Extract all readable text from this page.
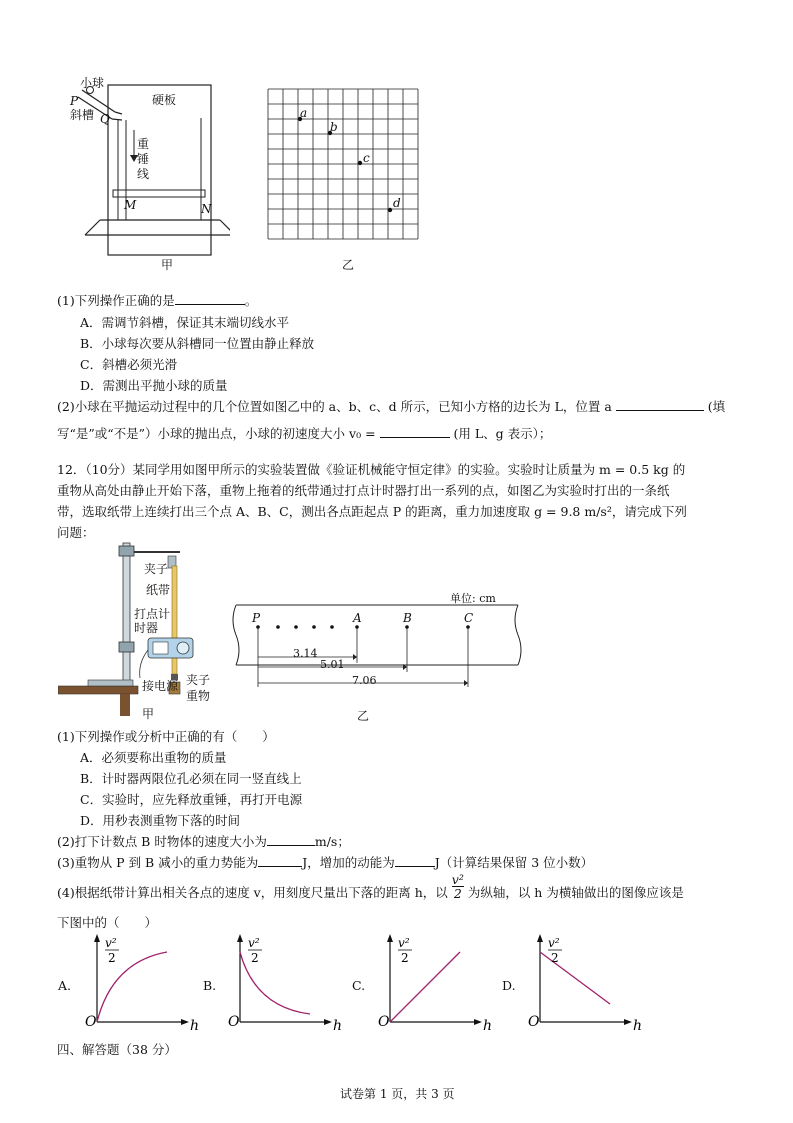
小球
P
斜槽 Q
硬板
重
锤
线
M	N
甲
a
b
c
d
乙
(1)下列操作正确的是	。
A．需调节斜槽，保证其末端切线水平
B．小球每次要从斜槽同一位置由静止释放
C．斜槽必须光滑
D．需测出平抛小球的质量
(2)小球在平抛运动过程中的几个位置如图乙中的 a、b、c、d 所示，已知小方格的边长为 L，位置 a	(填
写“是”或“不是”）小球的抛出点，小球的初速度大小 v₀ =	(用 L、g 表示）；
12．（10分）某同学用如图甲所示的实验装置做《验证机械能守恒定律》的实验。实验时让质量为 m = 0.5 kg 的
重物从高处由静止开始下落，重物上拖着的纸带通过打点计时器打出一系列的点，如图乙为实验时打出的一条纸
带，选取纸带上连续打出三个点 A、B、C，测出各点距起点 P 的距离，重力加速度取 g = 9.8 m/s²，请完成下列
问题：
夹子
纸带
打点计
时器
接电源 夹子
重物
甲
单位: cm
P	A	B	C
3.14
5.01
7.06
乙
(1)下列操作或分析中正确的有（　　）
A．必须要称出重物的质量
B．计时器两限位孔必须在同一竖直线上
C．实验时，应先释放重锤，再打开电源
D．用秒表测重物下落的时间
(2)打下计数点 B 时物体的速度大小为	m/s；
(3)重物从 P 到 B 减小的重力势能为	J，增加的动能为	J（计算结果保留 3 位小数）
(4)根据纸带计算出相关各点的速度 v，用刻度尺量出下落的距离 h，以 $\frac{\text{v²}}{2}$ 为纵轴，以 h 为横轴做出的图像应该是
下图中的（　　）
v²
2
h
O
v²
2
h
O
v²
2
h
O
v²
2
h
O
A.	B.	C.	D.
四、解答题（38 分）
试卷第 1 页，共 3 页
